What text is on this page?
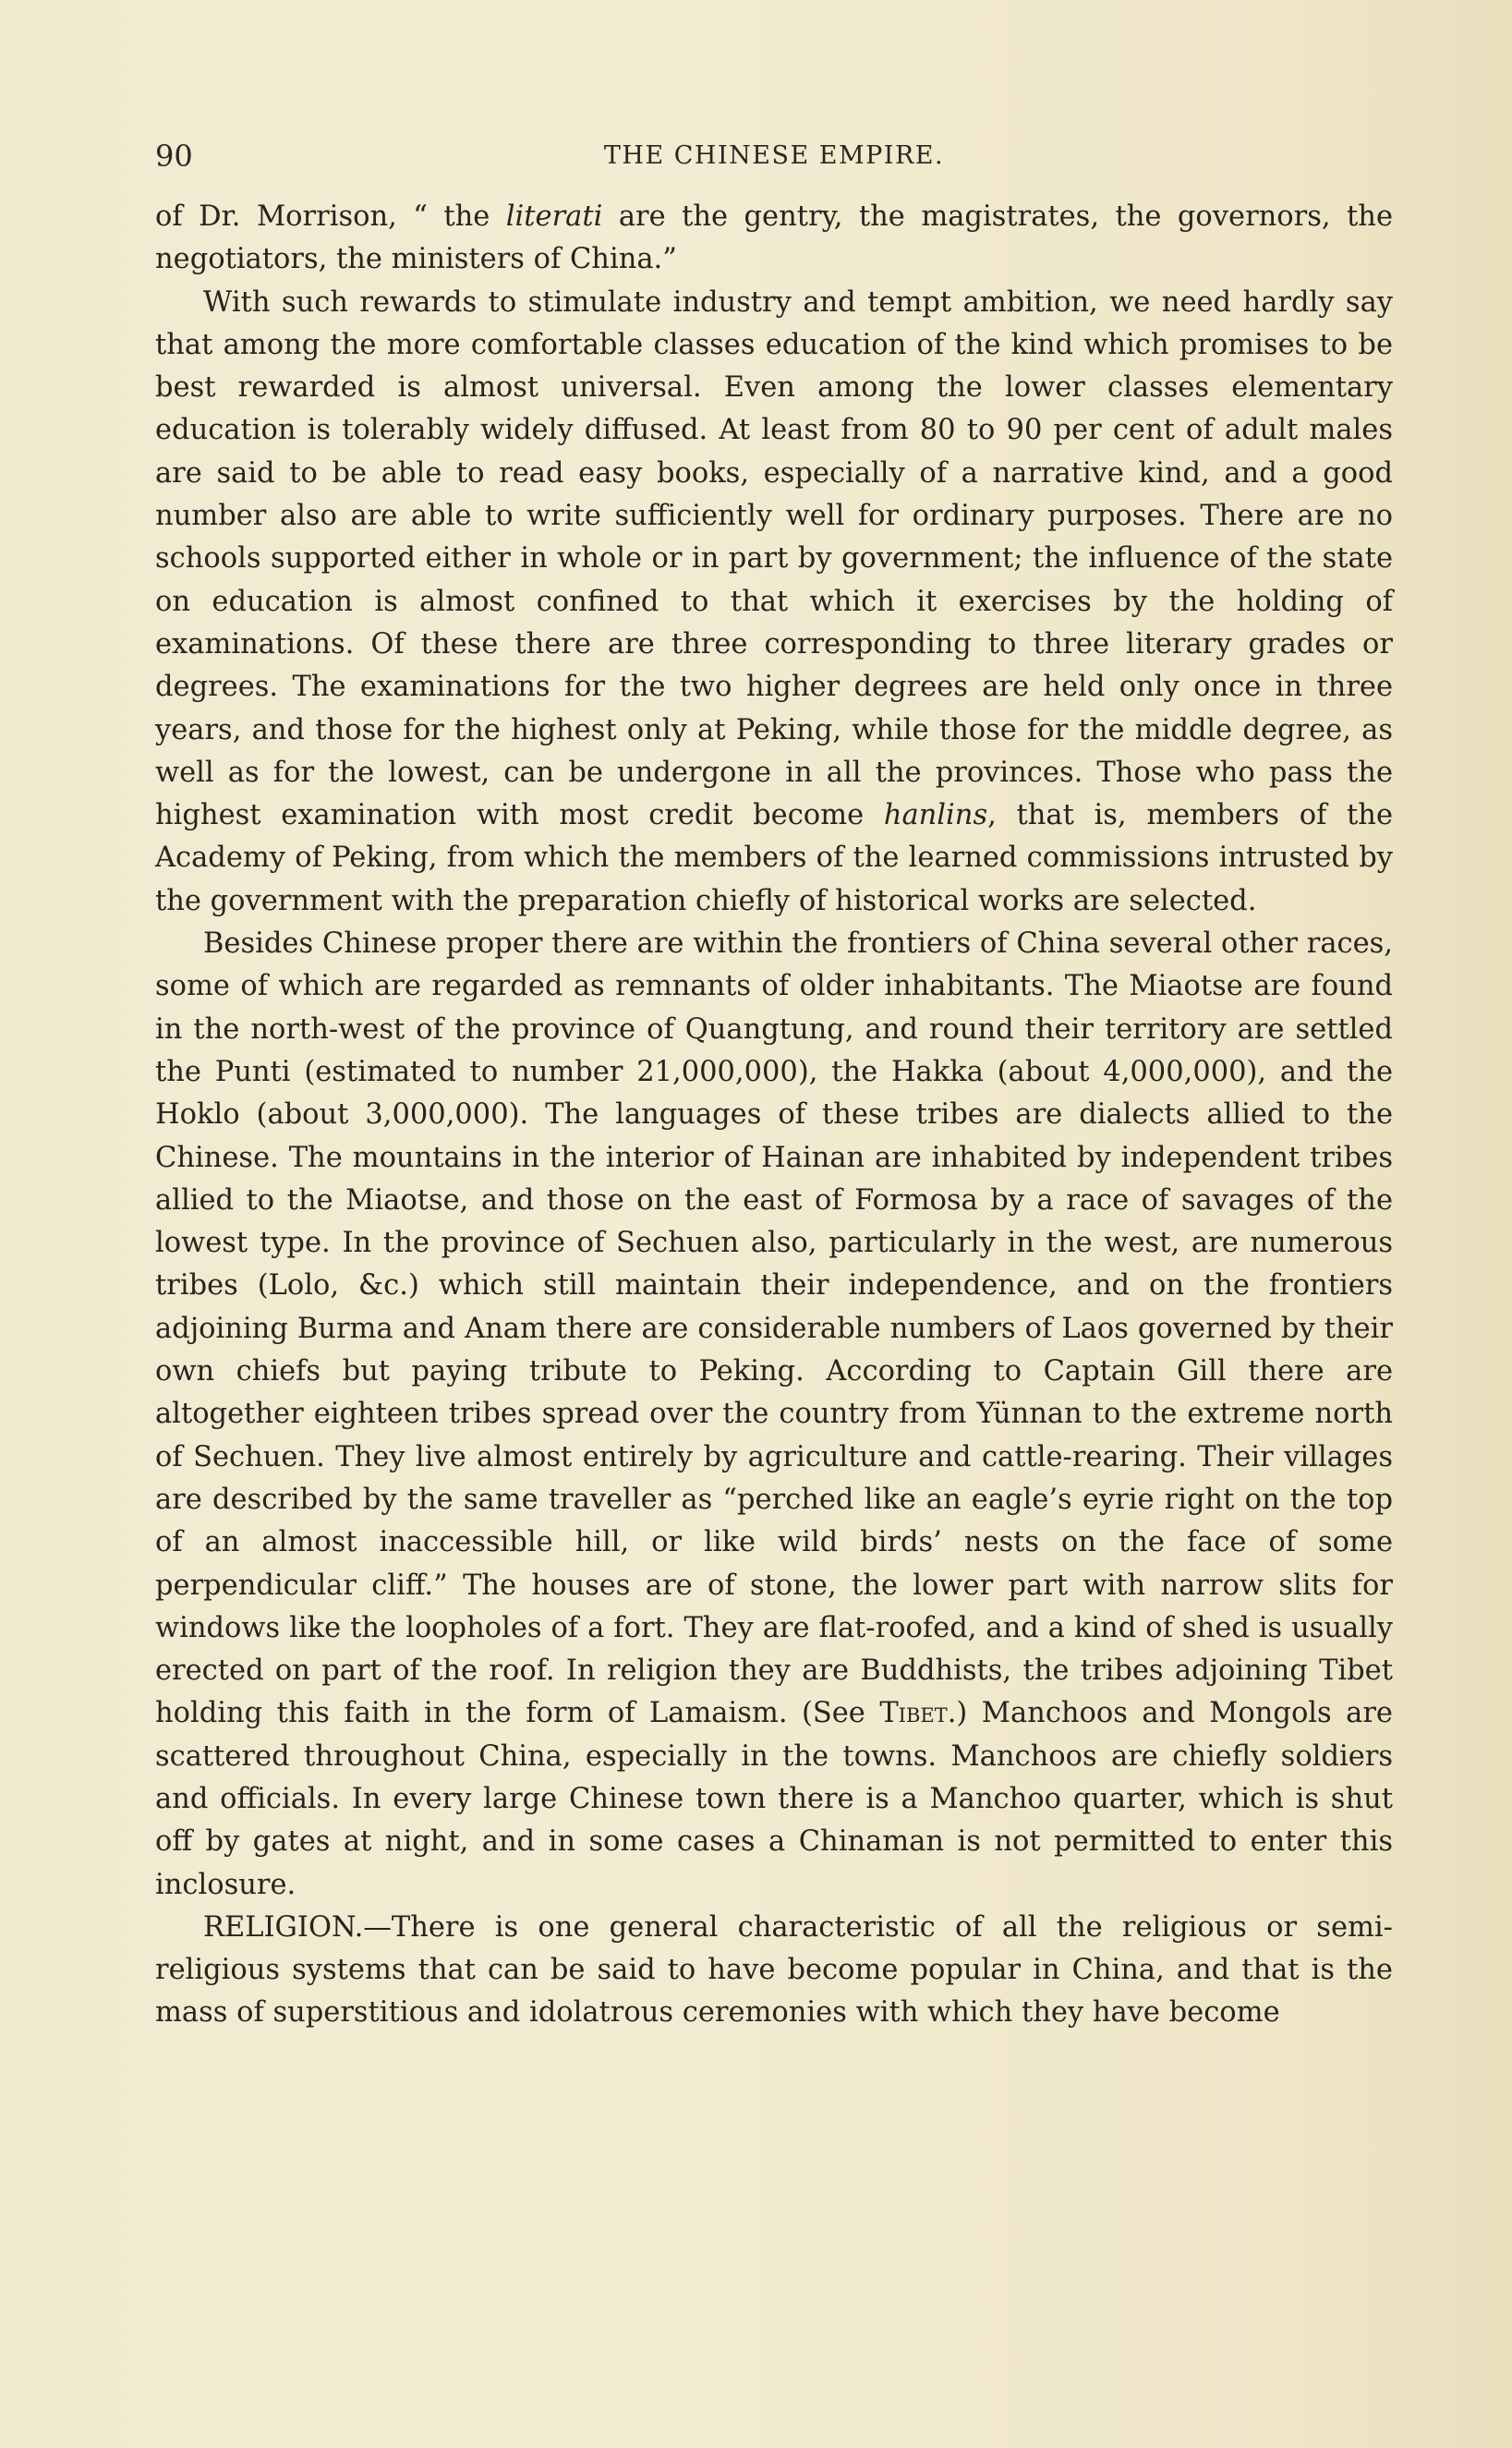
90	THE CHINESE EMPIRE.

of Dr. Morrison, “ the literati are the gentry, the magistrates, the governors, the negotiators, the ministers of China.”

With such rewards to stimulate industry and tempt ambition, we need hardly say that among the more comfortable classes education of the kind which promises to be best rewarded is almost universal. Even among the lower classes elementary education is tolerably widely diffused. At least from 80 to 90 per cent of adult males are said to be able to read easy books, especially of a narrative kind, and a good number also are able to write sufficiently well for ordinary purposes. There are no schools supported either in whole or in part by government; the influence of the state on education is almost confined to that which it exercises by the holding of examinations. Of these there are three corresponding to three literary grades or degrees. The examinations for the two higher degrees are held only once in three years, and those for the highest only at Peking, while those for the middle degree, as well as for the lowest, can be undergone in all the provinces. Those who pass the highest examination with most credit become hanlins, that is, members of the Academy of Peking, from which the members of the learned commissions intrusted by the government with the preparation chiefly of historical works are selected.

Besides Chinese proper there are within the frontiers of China several other races, some of which are regarded as remnants of older inhabitants. The Miaotse are found in the north-west of the province of Quangtung, and round their territory are settled the Punti (estimated to number 21,000,000), the Hakka (about 4,000,000), and the Hoklo (about 3,000,000). The languages of these tribes are dialects allied to the Chinese. The mountains in the interior of Hainan are inhabited by independent tribes allied to the Miaotse, and those on the east of Formosa by a race of savages of the lowest type. In the province of Sechuen also, particularly in the west, are numerous tribes (Lolo, &c.) which still maintain their independence, and on the frontiers adjoining Burma and Anam there are considerable numbers of Laos governed by their own chiefs but paying tribute to Peking. According to Captain Gill there are altogether eighteen tribes spread over the country from Yünnan to the extreme north of Sechuen. They live almost entirely by agriculture and cattle-rearing. Their villages are described by the same traveller as “perched like an eagle’s eyrie right on the top of an almost inaccessible hill, or like wild birds’ nests on the face of some perpendicular cliff.” The houses are of stone, the lower part with narrow slits for windows like the loopholes of a fort. They are flat-roofed, and a kind of shed is usually erected on part of the roof. In religion they are Buddhists, the tribes adjoining Tibet holding this faith in the form of Lamaism. (See Tibet.) Manchoos and Mongols are scattered throughout China, especially in the towns. Manchoos are chiefly soldiers and officials. In every large Chinese town there is a Manchoo quarter, which is shut off by gates at night, and in some cases a Chinaman is not permitted to enter this inclosure.

RELIGION.—There is one general characteristic of all the religious or semi-religious systems that can be said to have become popular in China, and that is the mass of superstitious and idolatrous ceremonies with which they have become
